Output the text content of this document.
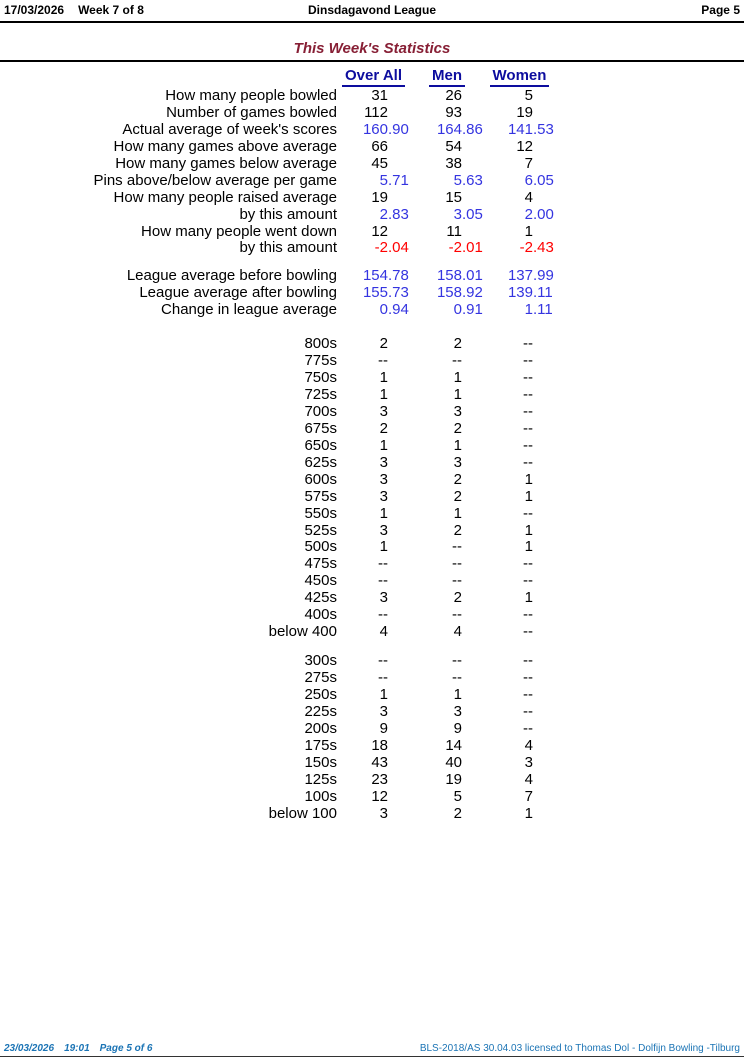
17/03/2026 Week 7 of 8	Dinsdagavond League	Page 5
This Week's Statistics
Over All	Men	Women
How many people bowled	31	26	5
Number of games bowled	112	93	19
Actual average of week's scores	160 .90	164 .86	141 .53
How many games above average	66	54	12
How many games below average	45	38	7
Pins above/below average per game	5 .71	5 .63	6 .05
How many people raised average	19	15	4
by this amount	2 .83	3 .05	2 .00
How many people went down	12	11	1
by this amount	-2 .04	-2 .01	-2 .43
League average before bowling	154 .78	158 .01	137 .99
League average after bowling	155 .73	158 .92	139 .11
Change in league average	0 .94	0 .91	1 .11
800s	2	2	--
775s	--	--	--
750s	1	1	--
725s	1	1	--
700s	3	3	--
675s	2	2	--
650s	1	1	--
625s	3	3	--
600s	3	2	1
575s	3	2	1
550s	1	1	--
525s	3	2	1
500s	1	--	1
475s	--	--	--
450s	--	--	--
425s	3	2	1
400s	--	--	--
below 400	4	4	--
300s	--	--	--
275s	--	--	--
250s	1	1	--
225s	3	3	--
200s	9	9	--
175s	18	14	4
150s	43	40	3
125s	23	19	4
100s	12	5	7
below 100	3	2	1
23/03/2026 19:01 Page 5 of 6	BLS-2018/AS 30.04.03 licensed to Thomas Dol - Dolfijn Bowling -Tilburg
